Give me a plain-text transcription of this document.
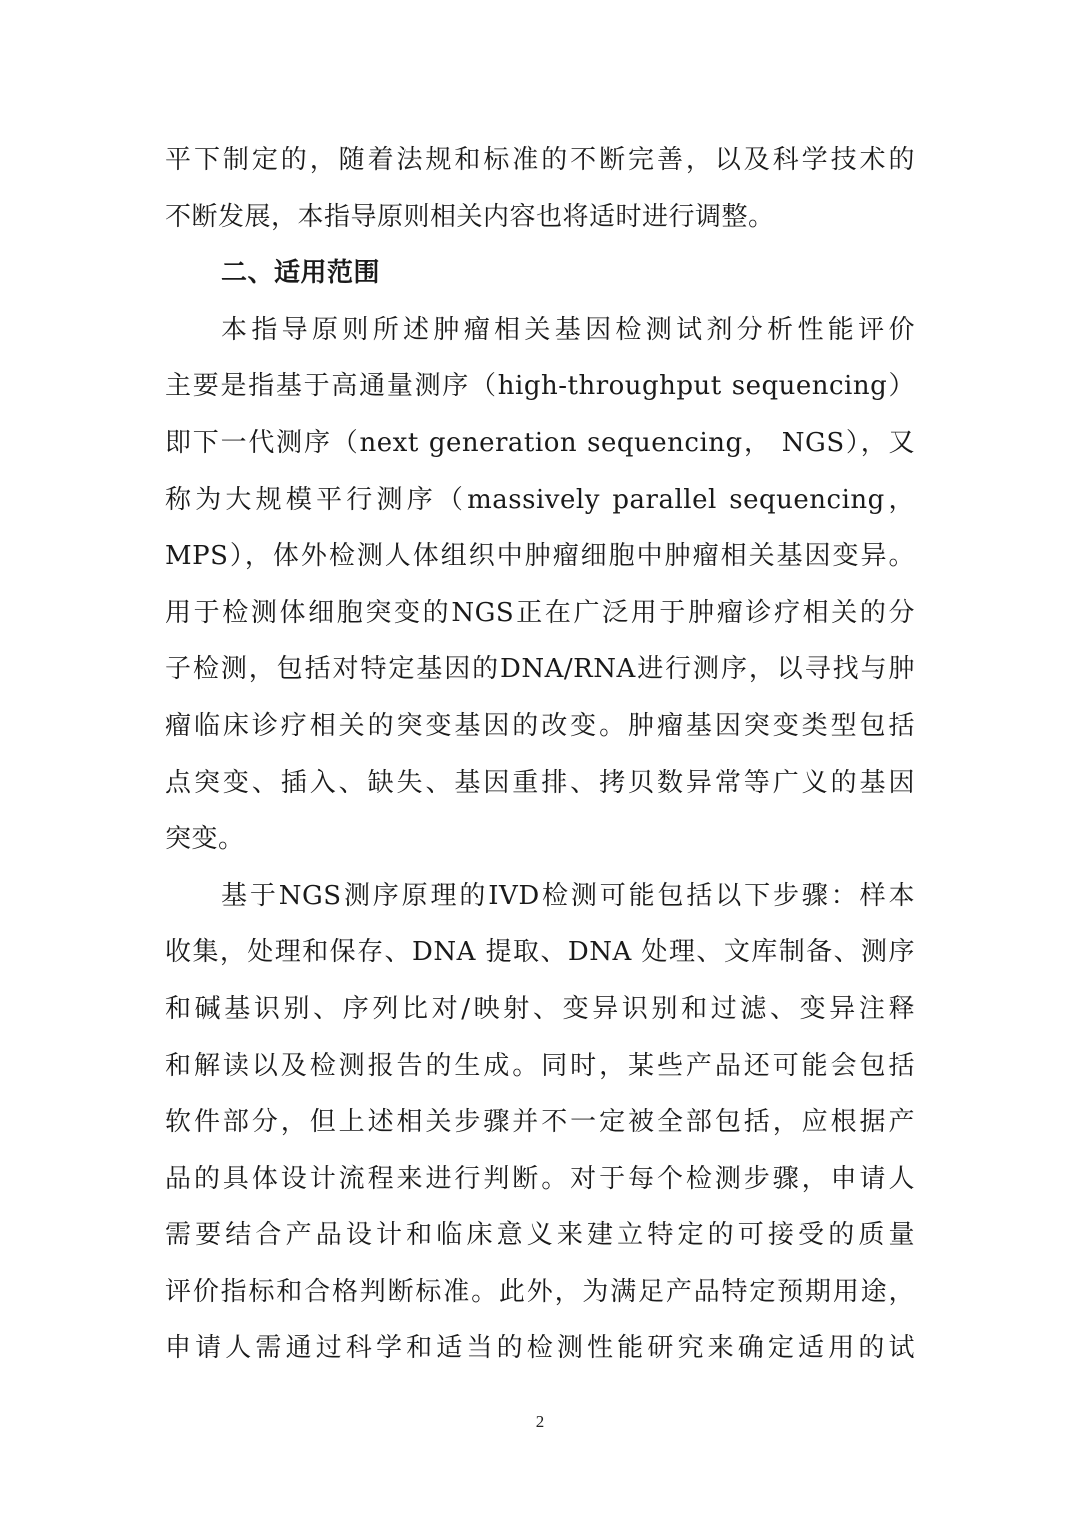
平下制定的，随着法规和标准的不断完善，以及科学技术的
不断发展，本指导原则相关内容也将适时进行调整。
二、适用范围
本指导原则所述肿瘤相关基因检测试剂分析性能评价
主要是指基于高通量测序（high-throughput sequencing）
即下一代测序（next generation sequencing， NGS），又
称为大规模平行测序（massively parallel sequencing，
MPS），体外检测人体组织中肿瘤细胞中肿瘤相关基因变异。
用于检测体细胞突变的NGS正在广泛用于肿瘤诊疗相关的分
子检测，包括对特定基因的DNA/RNA进行测序，以寻找与肿
瘤临床诊疗相关的突变基因的改变。肿瘤基因突变类型包括
点突变、插入、缺失、基因重排、拷贝数异常等广义的基因
突变。
基于NGS测序原理的IVD检测可能包括以下步骤：样本
收集，处理和保存、DNA 提取、DNA 处理、文库制备、测序
和碱基识别、序列比对/映射、变异识别和过滤、变异注释
和解读以及检测报告的生成。同时，某些产品还可能会包括
软件部分，但上述相关步骤并不一定被全部包括，应根据产
品的具体设计流程来进行判断。对于每个检测步骤，申请人
需要结合产品设计和临床意义来建立特定的可接受的质量
评价指标和合格判断标准。此外，为满足产品特定预期用途，
申请人需通过科学和适当的检测性能研究来确定适用的试
2
